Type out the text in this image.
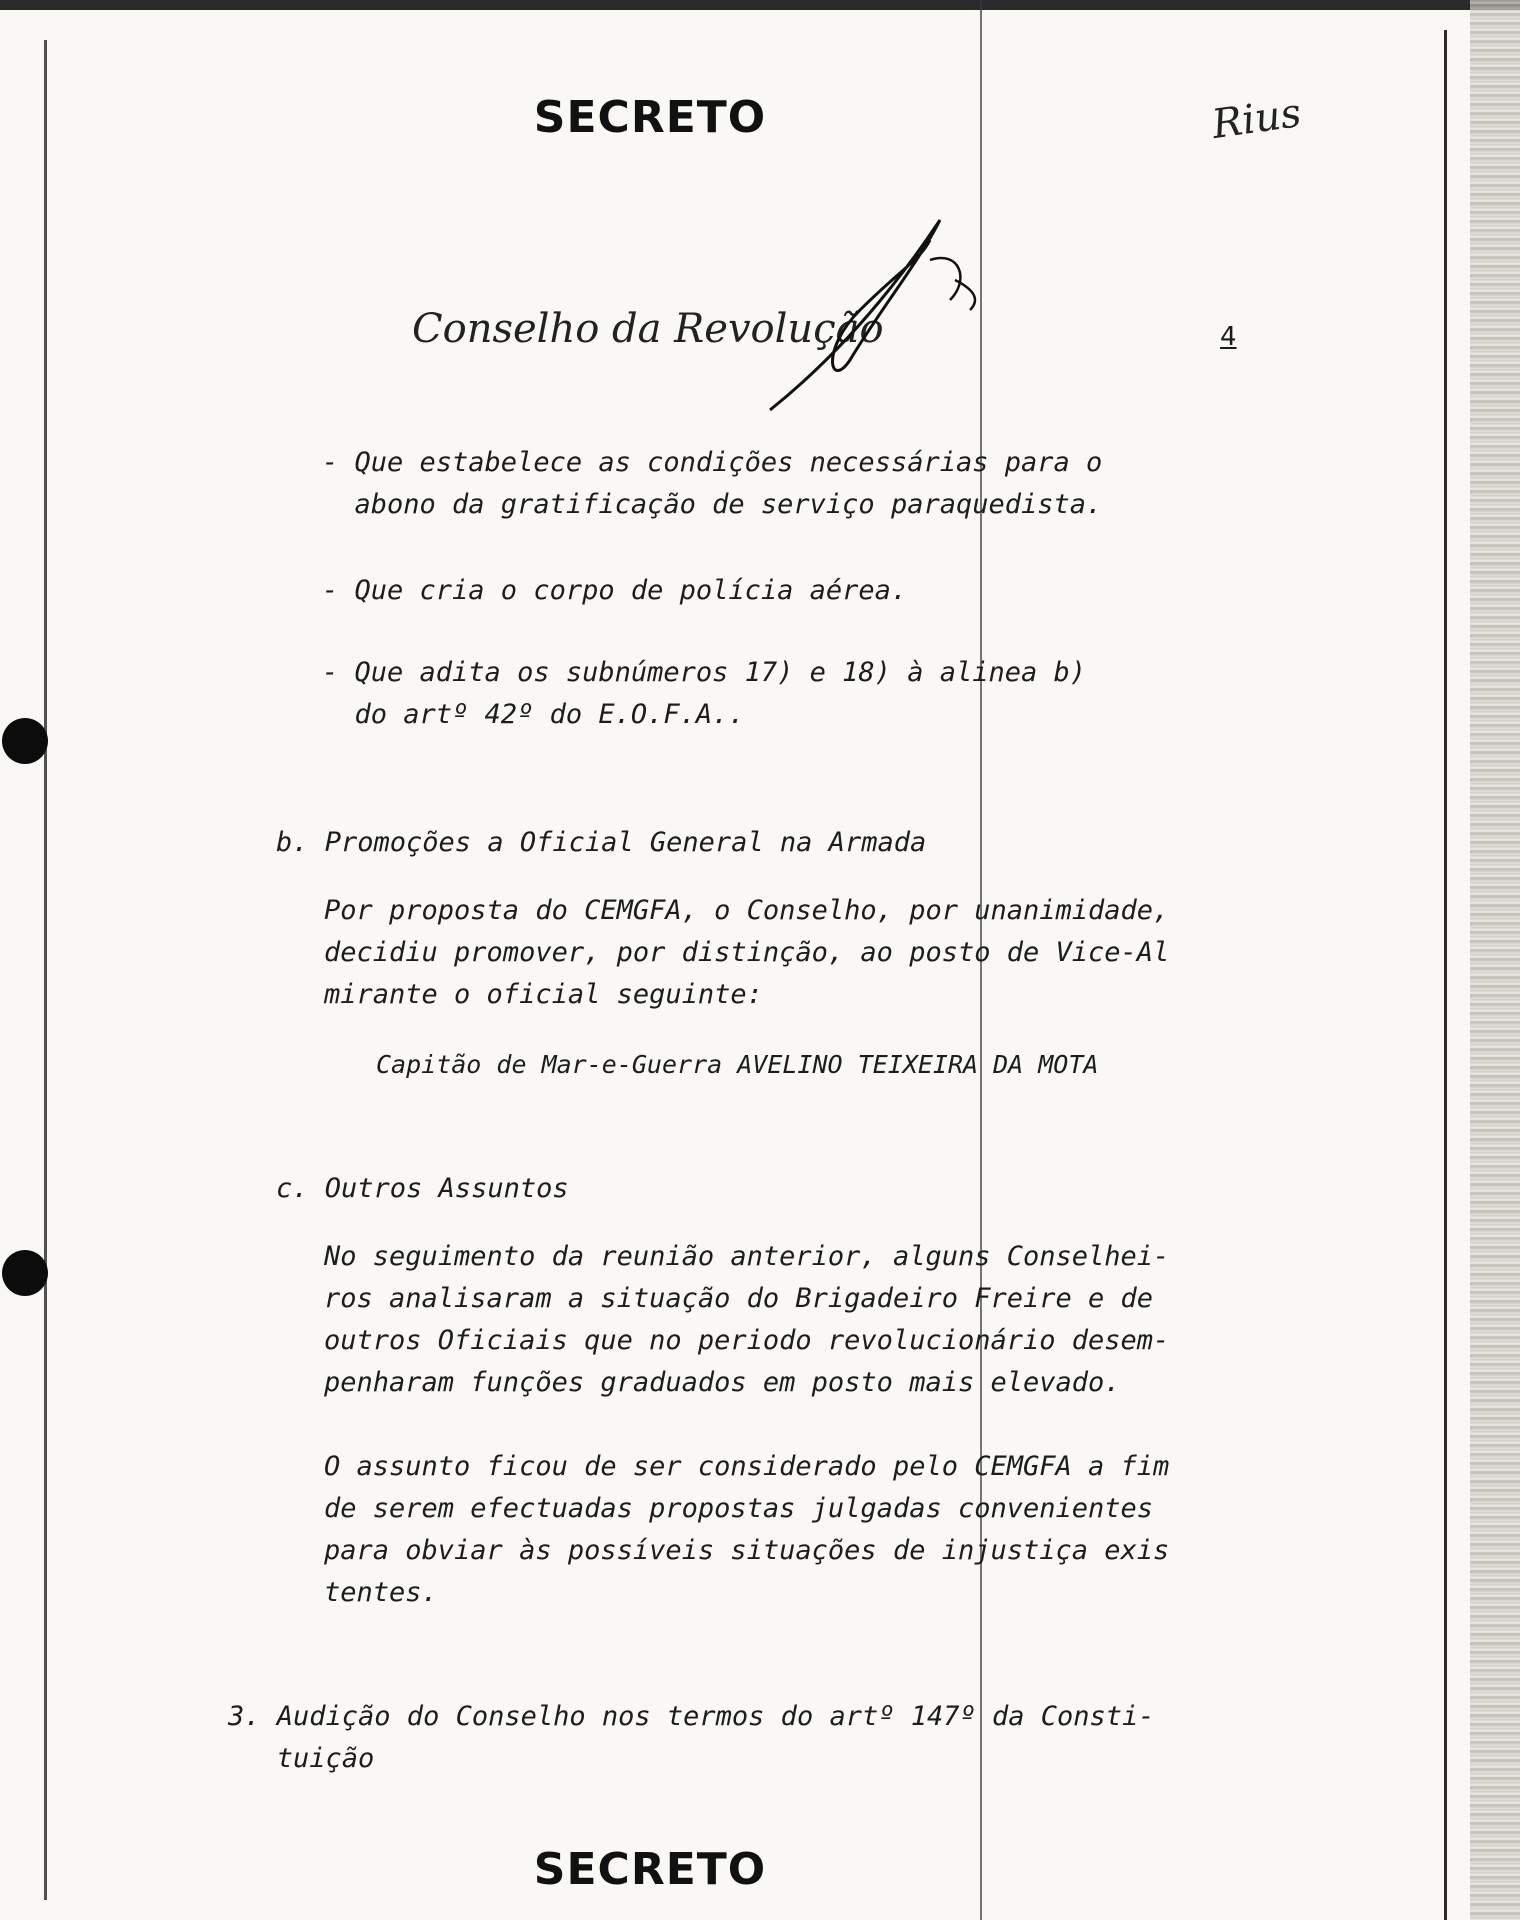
SECRETO	Rius
Conselho da Revolução	4
- Que estabelece as condições necessárias para o
abono da gratificação de serviço paraquedista.
- Que cria o corpo de polícia aérea.
- Que adita os subnúmeros 17) e 18) à alinea b)
do artº 42º do E.O.F.A..
b. Promoções a Oficial General na Armada
Por proposta do CEMGFA, o Conselho, por unanimidade,
decidiu promover, por distinção, ao posto de Vice-Al
mirante o oficial seguinte:
Capitão de Mar-e-Guerra AVELINO TEIXEIRA DA MOTA
c. Outros Assuntos
No seguimento da reunião anterior, alguns Conselhei-
ros analisaram a situação do Brigadeiro Freire e de
outros Oficiais que no periodo revolucionário desem-
penharam funções graduados em posto mais elevado.
O assunto ficou de ser considerado pelo CEMGFA a fim
de serem efectuadas propostas julgadas convenientes
para obviar às possíveis situações de injustiça exis
tentes.
3. Audição do Conselho nos termos do artº 147º da Consti-
tuição
SECRETO
